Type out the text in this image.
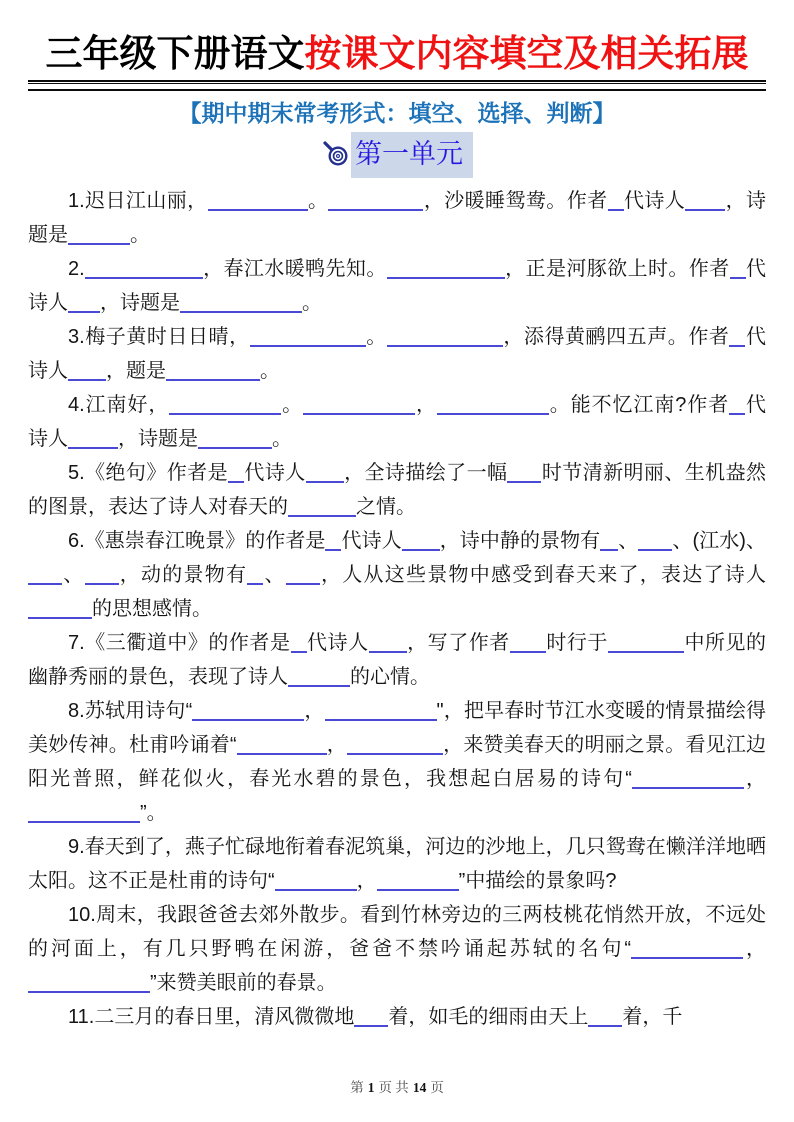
三年级下册语文按课文内容填空及相关拓展
【期中期末常考形式：填空、选择、判断】
第一单元

1.迟日江山丽，	。	，沙暖睡鸳鸯。作者 代诗人 ，诗题是	。

2.	，春江水暖鸭先知。	，正是河豚欲上时。作者 代诗人 ，诗题是	。

3.梅子黄时日日晴，	。	，添得黄鹂四五声。作者 代诗人 ，题是	。

4.江南好，	。	，	。能不忆江南?作者 代诗人	，诗题是	。

5.《绝句》作者是 代诗人 ，全诗描绘了一幅 时节清新明丽、生机盎然的图景，表达了诗人对春天的	之情。

6.《惠崇春江晚景》的作者是 代诗人 ，诗中静的景物有 、 、(江水)、、 ，动的景物有 、 ，人从这些景物中感受到春天来了，表达了诗人的思想感情。

7.《三衢道中》的作者是 代诗人 ，写了作者 时行于	中所见的幽静秀丽的景色，表现了诗人	的心情。

8.苏轼用诗句“	，	"，把早春时节江水变暖的情景描绘得美妙传神。杜甫吟诵着“	，	，来赞美春天的明丽之景。看见江边阳光普照，鲜花似火，春光水碧的景色，我想起白居易的诗句“	，”。

9.春天到了，燕子忙碌地衔着春泥筑巢，河边的沙地上，几只鸳鸯在懒洋洋地晒太阳。这不正是杜甫的诗句“	，	”中描绘的景象吗?

10.周末，我跟爸爸去郊外散步。看到竹林旁边的三两枝桃花悄然开放，不远处的河面上，有几只野鸭在闲游，爸爸不禁吟诵起苏轼的名句“	，”来赞美眼前的春景。

11.二三月的春日里，清风微微地 着，如毛的细雨由天上 着，千

第 1 页 共 14 页
